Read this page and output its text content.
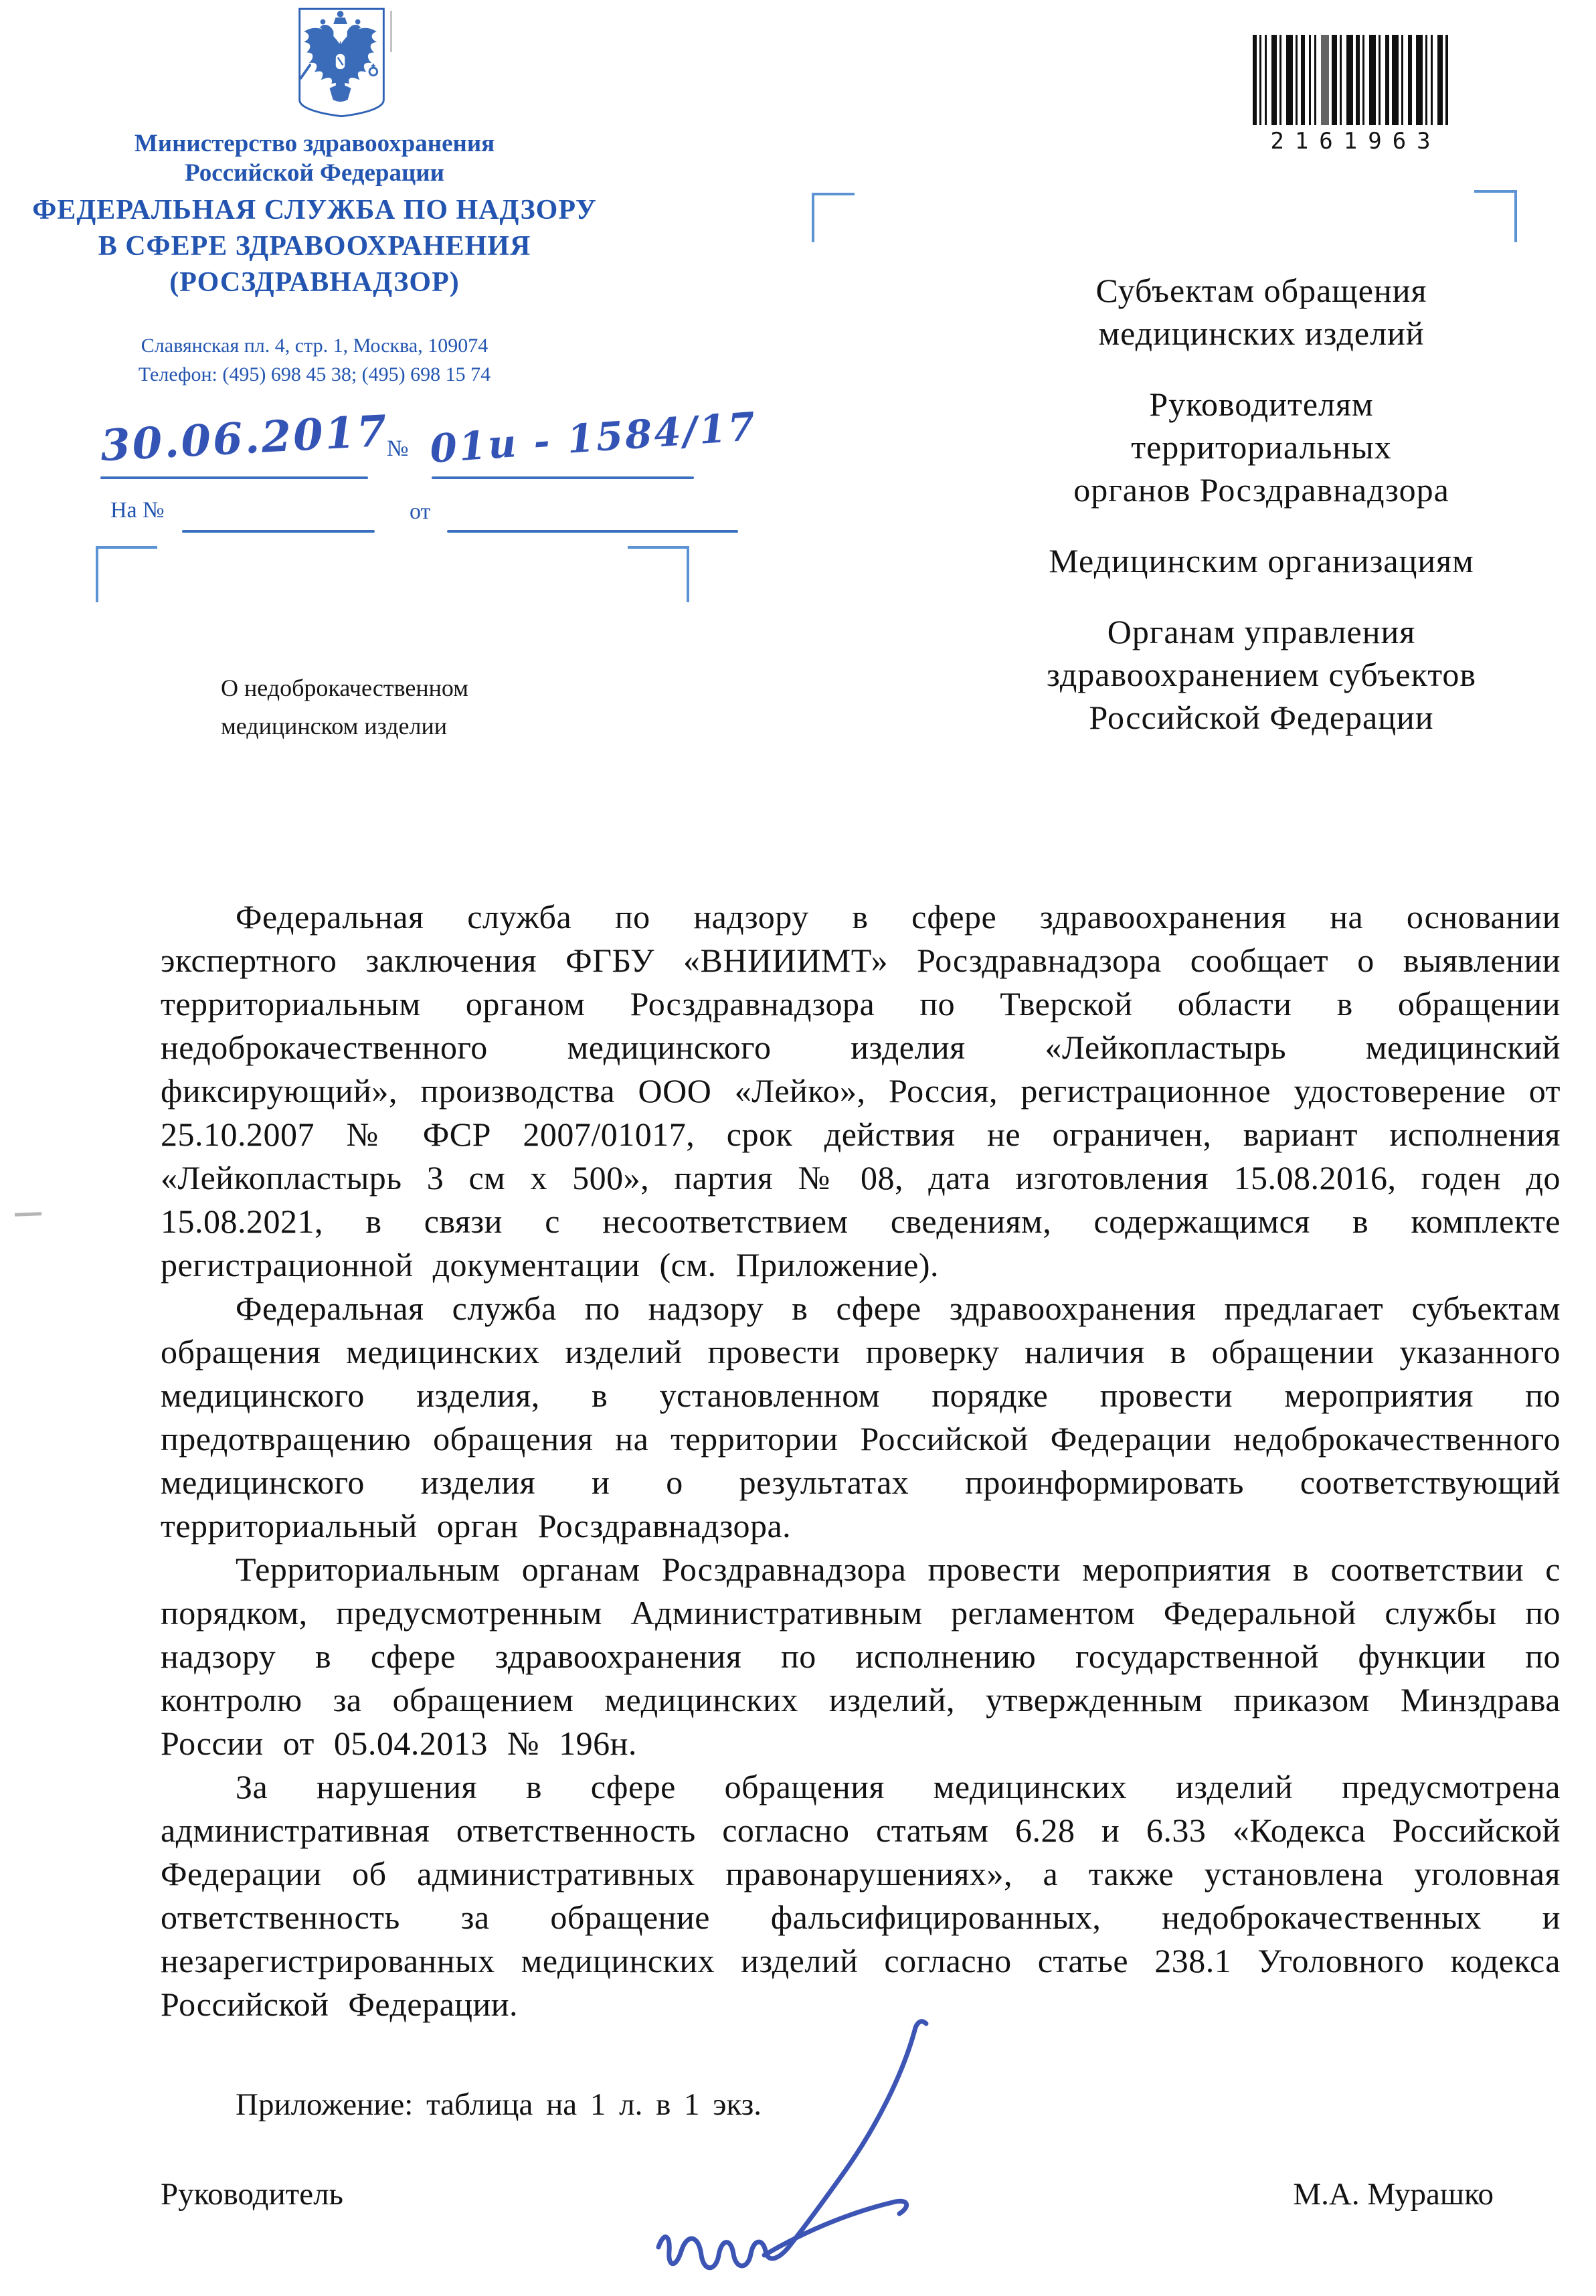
Министерство здравоохранения
Российской Федерации
ФЕДЕРАЛЬНАЯ СЛУЖБА ПО НАДЗОРУ
В СФЕРЕ ЗДРАВООХРАНЕНИЯ
(РОСЗДРАВНАДЗОР)
Славянская пл. 4, стр. 1, Москва, 109074
Телефон: (495) 698 45 38; (495) 698 15 74
2161963
30.06.2017
№ 01и - 1584/17
На №	от
Субъектам обращения
медицинских изделий
Руководителям
территориальных
органов Росздравнадзора
Медицинским организациям
Органам управления
здравоохранением субъектов
Российской Федерации
О недоброкачественном
медицинском изделии

Федеральная служба по надзору в сфере здравоохранения на основании экспертного заключения ФГБУ «ВНИИИМТ» Росздравнадзора сообщает о выявлении территориальным органом Росздравнадзора по Тверской области в обращении недоброкачественного медицинского изделия «Лейкопластырь медицинский фиксирующий», производства ООО «Лейко», Россия, регистрационное удостоверение от 25.10.2007 № ФСР 2007/01017, срок действия не ограничен, вариант исполнения «Лейкопластырь 3 см х 500», партия № 08, дата изготовления 15.08.2016, годен до 15.08.2021, в связи с несоответствием сведениям, содержащимся в комплекте регистрационной документации (см. Приложение).

Федеральная служба по надзору в сфере здравоохранения предлагает субъектам обращения медицинских изделий провести проверку наличия в обращении указанного медицинского изделия, в установленном порядке провести мероприятия по предотвращению обращения на территории Российской Федерации недоброкачественного медицинского изделия и о результатах проинформировать соответствующий территориальный орган Росздравнадзора.

Территориальным органам Росздравнадзора провести мероприятия в соответствии с порядком, предусмотренным Административным регламентом Федеральной службы по надзору в сфере здравоохранения по исполнению государственной функции по контролю за обращением медицинских изделий, утвержденным приказом Минздрава России от 05.04.2013 № 196н.

За нарушения в сфере обращения медицинских изделий предусмотрена административная ответственность согласно статьям 6.28 и 6.33 «Кодекса Российской Федерации об административных правонарушениях», а также установлена уголовная ответственность за обращение фальсифицированных, недоброкачественных и незарегистрированных медицинских изделий согласно статье 238.1 Уголовного кодекса Российской Федерации.

Приложение: таблица на 1 л. в 1 экз.
Руководитель	М.А. Мурашко
